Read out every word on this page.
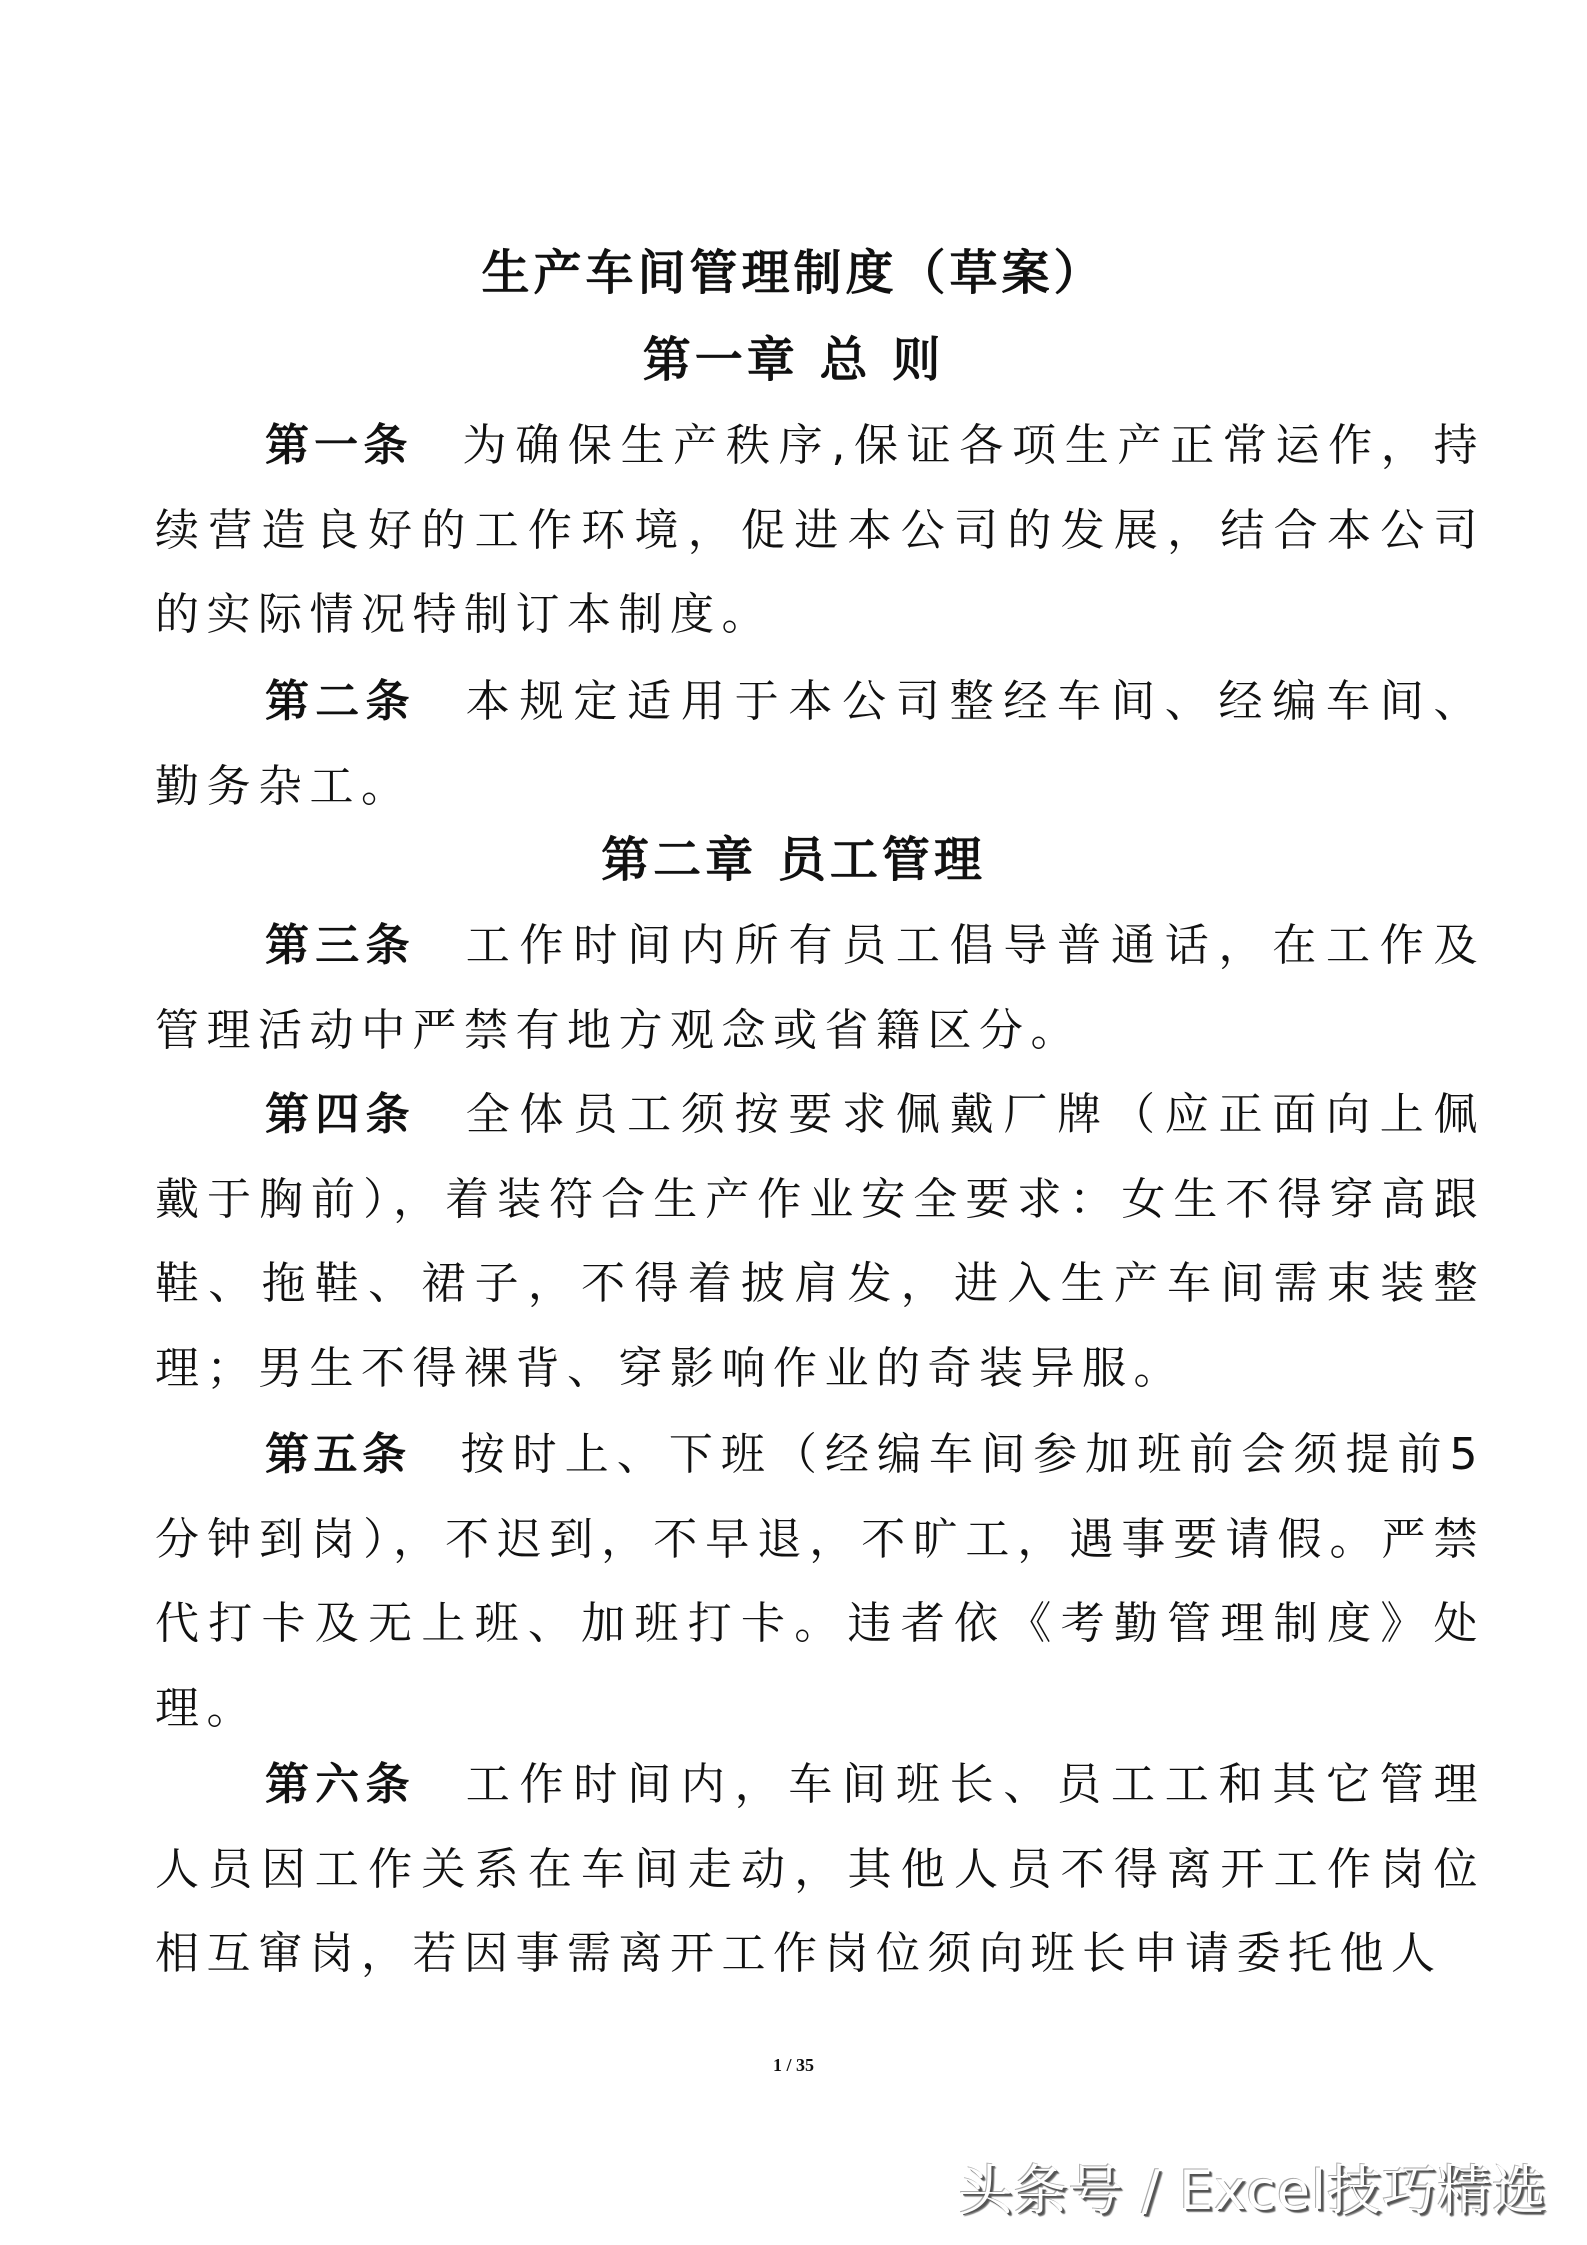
生产车间管理制度（草案）
第一章 总 则

第一条 为确保生产秩序,保证各项生产正常运作，持续营造良好的工作环境，促进本公司的发展，结合本公司的实际情况特制订本制度。

第二条 本规定适用于本公司整经车间、经编车间、勤务杂工。

第二章 员工管理

第三条 工作时间内所有员工倡导普通话，在工作及管理活动中严禁有地方观念或省籍区分。

第四条 全体员工须按要求佩戴厂牌（应正面向上佩戴于胸前），着装符合生产作业安全要求：女生不得穿高跟鞋、拖鞋、裙子，不得着披肩发，进入生产车间需束装整理；男生不得裸背、穿影响作业的奇装异服。

第五条 按时上、下班（经编车间参加班前会须提前5分钟到岗），不迟到，不早退，不旷工，遇事要请假。严禁代打卡及无上班、加班打卡。违者依《考勤管理制度》处理。

第六条 工作时间内，车间班长、员工工和其它管理人员因工作关系在车间走动，其他人员不得离开工作岗位相互窜岗，若因事需离开工作岗位须向班长申请委托他人

1 / 35
头条号 / Excel技巧精选
